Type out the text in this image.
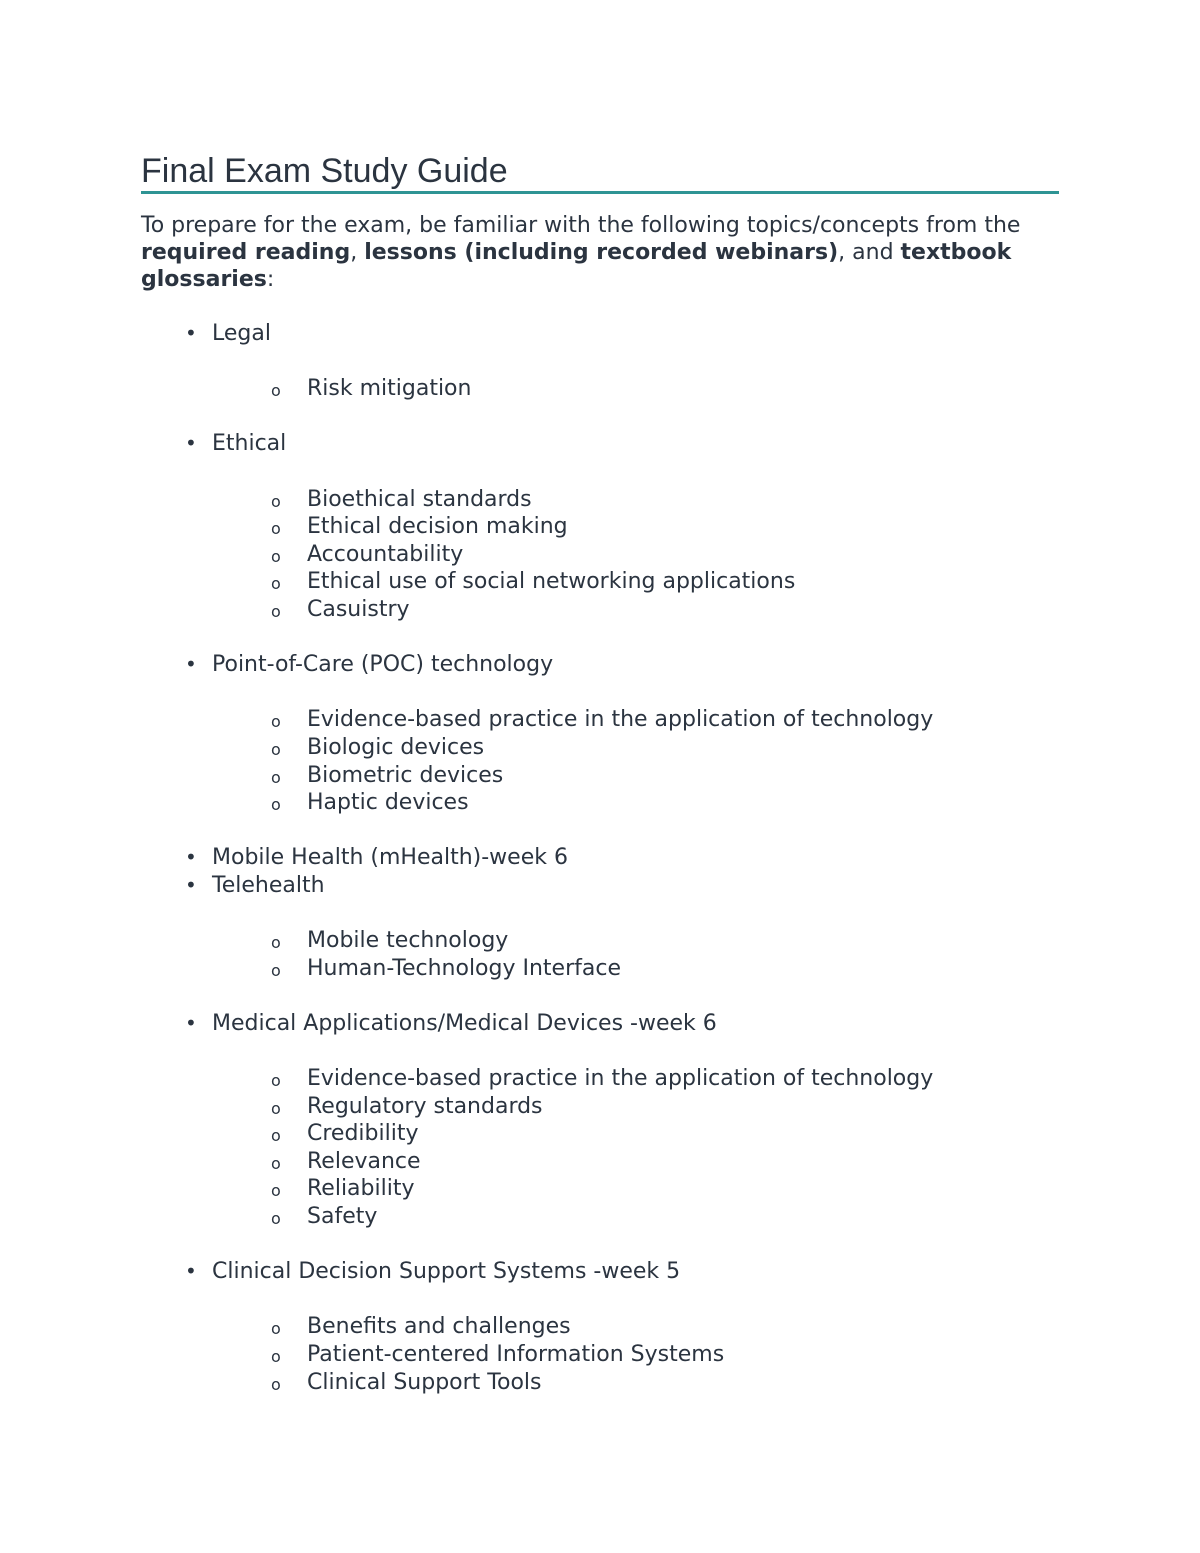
Final Exam Study Guide

To prepare for the exam, be familiar with the following topics/concepts from the required reading, lessons (including recorded webinars), and textbook glossaries:

• Legal
o Risk mitigation
• Ethical
o Bioethical standards
o Ethical decision making
o Accountability
o Ethical use of social networking applications
o Casuistry
• Point-of-Care (POC) technology
o Evidence-based practice in the application of technology
o Biologic devices
o Biometric devices
o Haptic devices
• Mobile Health (mHealth)-week 6
• Telehealth
o Mobile technology
o Human-Technology Interface
• Medical Applications/Medical Devices -week 6
o Evidence-based practice in the application of technology
o Regulatory standards
o Credibility
o Relevance
o Reliability
o Safety
• Clinical Decision Support Systems -week 5
o Benefits and challenges
o Patient-centered Information Systems
o Clinical Support Tools
